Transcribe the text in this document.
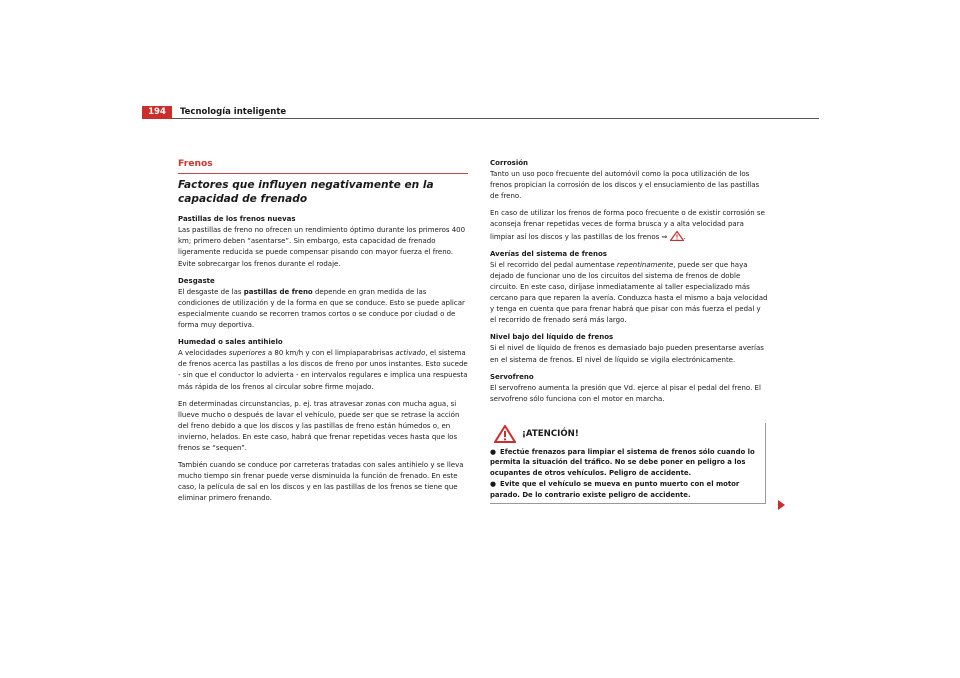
194	Tecnología inteligente
Frenos
Factores que influyen negativamente en la capacidad de frenado
Pastillas de los frenos nuevas

Las pastillas de freno no ofrecen un rendimiento óptimo durante los primeros 400 km; primero deben “asentarse”. Sin embargo, esta capacidad de frenado ligeramente reducida se puede compensar pisando con mayor fuerza el freno. Evite sobrecargar los frenos durante el rodaje.

Desgaste

El desgaste de las pastillas de freno depende en gran medida de las condiciones de utilización y de la forma en que se conduce. Esto se puede aplicar especialmente cuando se recorren tramos cortos o se conduce por ciudad o de forma muy deportiva.

Humedad o sales antihielo

A velocidades superiores a 80 km/h y con el limpiaparabrisas activado, el sistema de frenos acerca las pastillas a los discos de freno por unos instantes. Esto sucede - sin que el conductor lo advierta - en intervalos regulares e implica una respuesta más rápida de los frenos al circular sobre firme mojado.

En determinadas circunstancias, p. ej. tras atravesar zonas con mucha agua, si llueve mucho o después de lavar el vehículo, puede ser que se retrase la acción del freno debido a que los discos y las pastillas de freno están húmedos o, en invierno, helados. En este caso, habrá que frenar repetidas veces hasta que los frenos se “sequen”.

También cuando se conduce por carreteras tratadas con sales antihielo y se lleva mucho tiempo sin frenar puede verse disminuida la función de frenado. En este caso, la película de sal en los discos y en las pastillas de los frenos se tiene que eliminar primero frenando.

Corrosión

Tanto un uso poco frecuente del automóvil como la poca utilización de los frenos propician la corrosión de los discos y el ensuciamiento de las pastillas de freno.

En caso de utilizar los frenos de forma poco frecuente o de existir corrosión se aconseja frenar repetidas veces de forma brusca y a alta velocidad para limpiar así los discos y las pastillas de los frenos ⇒ .

Averías del sistema de frenos

Si el recorrido del pedal aumentase repentinamente, puede ser que haya dejado de funcionar uno de los circuitos del sistema de frenos de doble circuito. En este caso, diríjase inmediatamente al taller especializado más cercano para que reparen la avería. Conduzca hasta el mismo a baja velocidad y tenga en cuenta que para frenar habrá que pisar con más fuerza el pedal y el recorrido de frenado será más largo.

Nivel bajo del líquido de frenos

Si el nivel de líquido de frenos es demasiado bajo pueden presentarse averías en el sistema de frenos. El nivel de líquido se vigila electrónicamente.

Servofreno

El servofreno aumenta la presión que Vd. ejerce al pisar el pedal del freno. El servofreno sólo funciona con el motor en marcha.

¡ATENCIÓN!
● Efectúe frenazos para limpiar el sistema de frenos sólo cuando lo permita la situación del tráfico. No se debe poner en peligro a los ocupantes de otros vehículos. Peligro de accidente.
● Evite que el vehículo se mueva en punto muerto con el motor parado. De lo contrario existe peligro de accidente.
